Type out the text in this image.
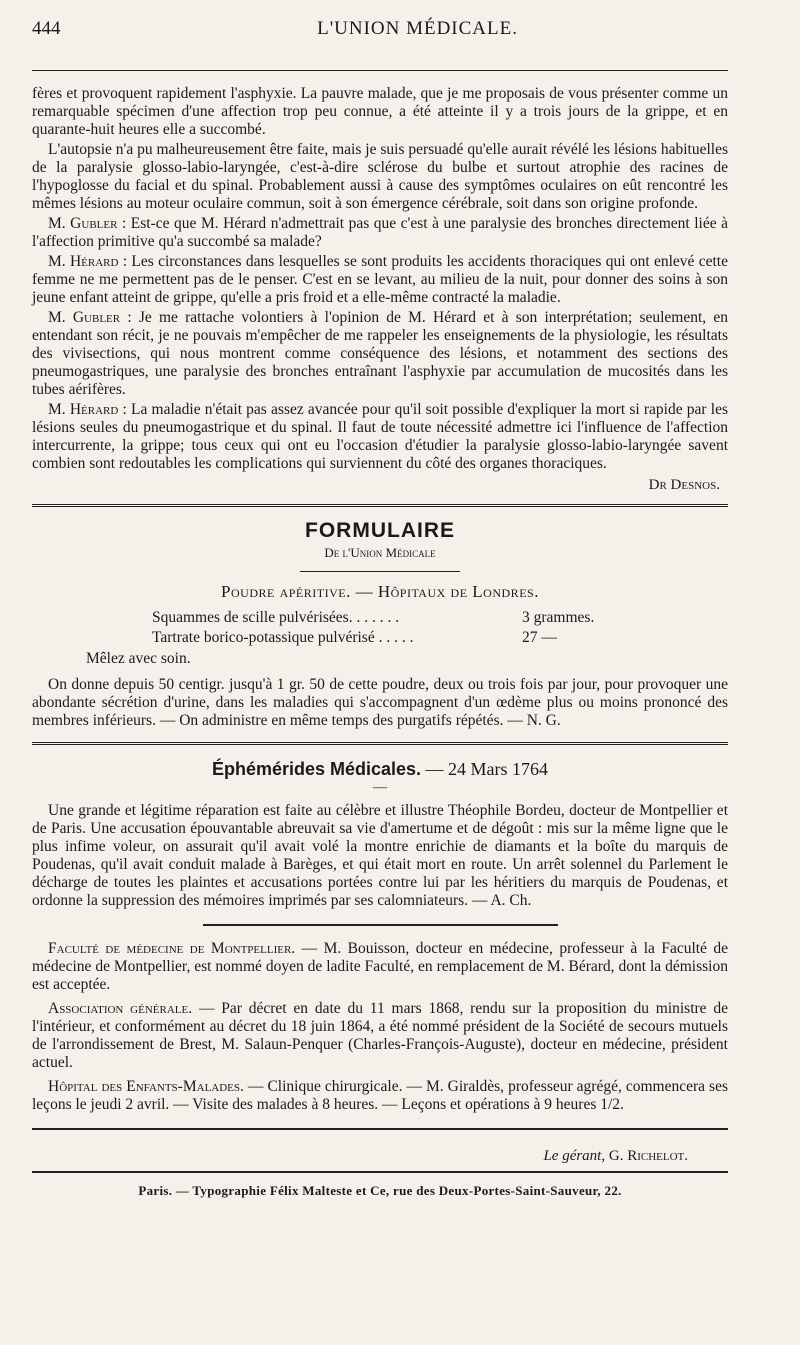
444	L'UNION MÉDICALE.

fères et provoquent rapidement l'asphyxie. La pauvre malade, que je me proposais de vous présenter comme un remarquable spécimen d'une affection trop peu connue, a été atteinte il y a trois jours de la grippe, et en quarante-huit heures elle a succombé.

L'autopsie n'a pu malheureusement être faite, mais je suis persuadé qu'elle aurait révélé les lésions habituelles de la paralysie glosso-labio-laryngée, c'est-à-dire sclérose du bulbe et surtout atrophie des racines de l'hypoglosse du facial et du spinal. Probablement aussi à cause des symptômes oculaires on eût rencontré les mêmes lésions au moteur oculaire commun, soit à son émergence cérébrale, soit dans son origine profonde.

M. Gubler : Est-ce que M. Hérard n'admettrait pas que c'est à une paralysie des bronches directement liée à l'affection primitive qu'a succombé sa malade?

M. Hérard : Les circonstances dans lesquelles se sont produits les accidents thoraciques qui ont enlevé cette femme ne me permettent pas de le penser. C'est en se levant, au milieu de la nuit, pour donner des soins à son jeune enfant atteint de grippe, qu'elle a pris froid et a elle-même contracté la maladie.

M. Gubler : Je me rattache volontiers à l'opinion de M. Hérard et à son interprétation; seulement, en entendant son récit, je ne pouvais m'empêcher de me rappeler les enseignements de la physiologie, les résultats des vivisections, qui nous montrent comme conséquence des lésions, et notamment des sections des pneumogastriques, une paralysie des bronches entraînant l'asphyxie par accumulation de mucosités dans les tubes aérifères.

M. Hérard : La maladie n'était pas assez avancée pour qu'il soit possible d'expliquer la mort si rapide par les lésions seules du pneumogastrique et du spinal. Il faut de toute nécessité admettre ici l'influence de l'affection intercurrente, la grippe; tous ceux qui ont eu l'occasion d'étudier la paralysie glosso-labio-laryngée savent combien sont redoutables les complications qui surviennent du côté des organes thoraciques.

Dr Desnos.
FORMULAIRE
De l'Union Médicale
Poudre apéritive. — Hôpitaux de Londres.
Squammes de scille pulvérisées. . . . . . .	3 grammes.
Tartrate borico-potassique pulvérisé . . . . .	27 —
Mêlez avec soin.

On donne depuis 50 centigr. jusqu'à 1 gr. 50 de cette poudre, deux ou trois fois par jour, pour provoquer une abondante sécrétion d'urine, dans les maladies qui s'accompagnent d'un œdème plus ou moins prononcé des membres inférieurs. — On administre en même temps des purgatifs répétés. — N. G.

Éphémérides Médicales. — 24 Mars 1764
—

Une grande et légitime réparation est faite au célèbre et illustre Théophile Bordeu, docteur de Montpellier et de Paris. Une accusation épouvantable abreuvait sa vie d'amertume et de dégoût : mis sur la même ligne que le plus infime voleur, on assurait qu'il avait volé la montre enrichie de diamants et la boîte du marquis de Poudenas, qu'il avait conduit malade à Barèges, et qui était mort en route. Un arrêt solennel du Parlement le décharge de toutes les plaintes et accusations portées contre lui par les héritiers du marquis de Poudenas, et ordonne la suppression des mémoires imprimés par ses calomniateurs. — A. Ch.

Faculté de médecine de Montpellier. — M. Bouisson, docteur en médecine, professeur à la Faculté de médecine de Montpellier, est nommé doyen de ladite Faculté, en remplacement de M. Bérard, dont la démission est acceptée.

Association générale. — Par décret en date du 11 mars 1868, rendu sur la proposition du ministre de l'intérieur, et conformément au décret du 18 juin 1864, a été nommé président de la Société de secours mutuels de l'arrondissement de Brest, M. Salaun-Penquer (Charles-François-Auguste), docteur en médecine, président actuel.

Hôpital des Enfants-Malades. — Clinique chirurgicale. — M. Giraldès, professeur agrégé, commencera ses leçons le jeudi 2 avril. — Visite des malades à 8 heures. — Leçons et opérations à 9 heures 1/2.

Le gérant, G. Richelot.
Paris. — Typographie Félix Malteste et Ce, rue des Deux-Portes-Saint-Sauveur, 22.
